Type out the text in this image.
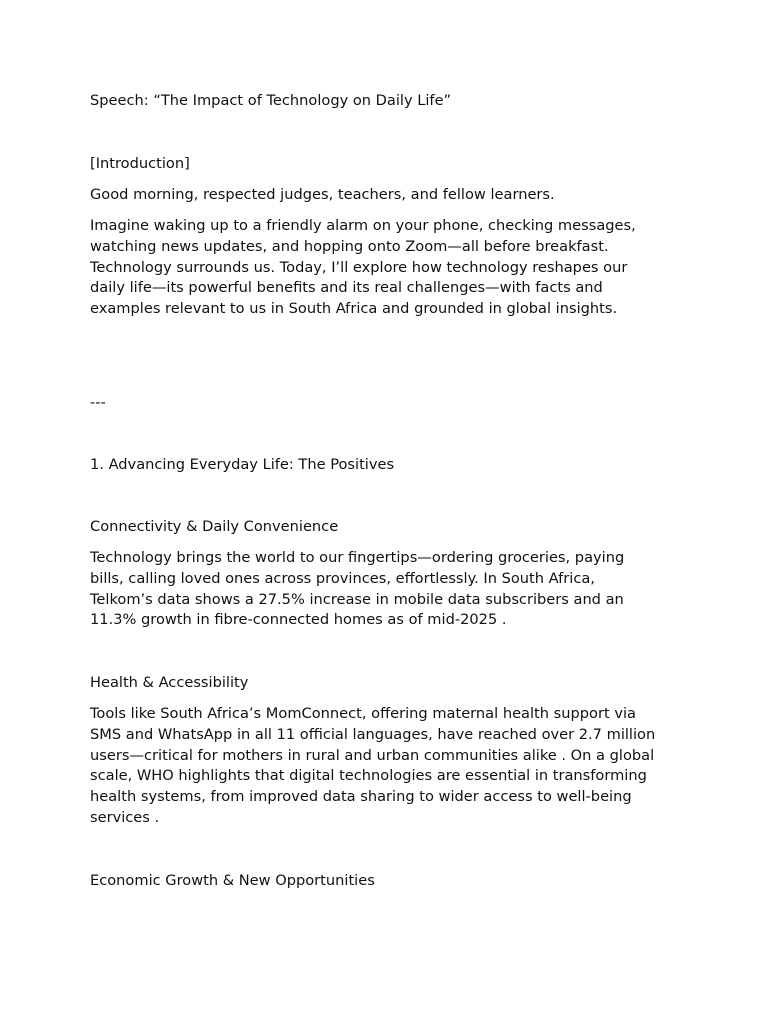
Speech: “The Impact of Technology on Daily Life”

[Introduction]

Good morning, respected judges, teachers, and fellow learners.

Imagine waking up to a friendly alarm on your phone, checking messages,
watching news updates, and hopping onto Zoom—all before breakfast.
Technology surrounds us. Today, I’ll explore how technology reshapes our
daily life—its powerful benefits and its real challenges—with facts and
examples relevant to us in South Africa and grounded in global insights.

---

1. Advancing Everyday Life: The Positives

Connectivity & Daily Convenience

Technology brings the world to our fingertips—ordering groceries, paying
bills, calling loved ones across provinces, effortlessly. In South Africa,
Telkom’s data shows a 27.5% increase in mobile data subscribers and an
11.3% growth in fibre-connected homes as of mid-2025 .

Health & Accessibility

Tools like South Africa’s MomConnect, offering maternal health support via
SMS and WhatsApp in all 11 official languages, have reached over 2.7 million
users—critical for mothers in rural and urban communities alike . On a global
scale, WHO highlights that digital technologies are essential in transforming
health systems, from improved data sharing to wider access to well-being
services .

Economic Growth & New Opportunities
